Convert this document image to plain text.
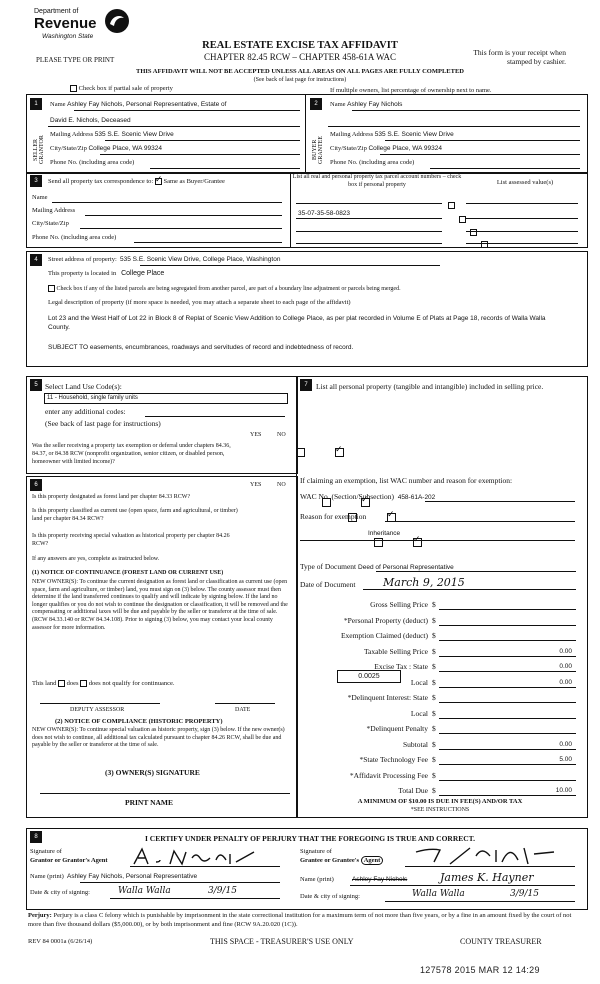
Department of
Revenue
Washington State
REAL ESTATE EXCISE TAX AFFIDAVIT
CHAPTER 82.45 RCW – CHAPTER 458-61A WAC
PLEASE TYPE OR PRINT
This form is your receipt when stamped by cashier.
THIS AFFIDAVIT WILL NOT BE ACCEPTED UNLESS ALL AREAS ON ALL PAGES ARE FULLY COMPLETED
(See back of last page for instructions)
Check box if partial sale of property	If multiple owners, list percentage of ownership next to name.
1	2
SELLER GRANTOR	BUYER GRANTEE
Name Ashley Fay Nichols, Personal Representative, Estate of
David E. Nichols, Deceased
Mailing Address 535 S.E. Scenic View Drive
City/State/Zip College Place, WA 99324
Phone No. (including area code)
Name Ashley Fay Nichols
Mailing Address 535 S.E. Scenic View Drive
City/State/Zip College Place, WA 99324
Phone No. (including area code)
3	Send all property tax correspondence to: ✓ Same as Buyer/Grantee
Name
Mailing Address
City/State/Zip
Phone No. (including area code)
List all real and personal property tax parcel account numbers – check box if personal property	List assessed value(s)
35-07-35-58-0823

4	Street address of property: 535 S.E. Scenic View Drive, College Place, Washington
This property is located in College Place
Check box if any of the listed parcels are being segregated from another parcel, are part of a boundary line adjustment or parcels being merged.
Legal description of property (if more space is needed, you may attach a separate sheet to each page of the affidavit)
Lot 23 and the West Half of Lot 22 in Block 8 of Replat of Scenic View Addition to College Place, as per plat recorded in Volume E of Plats at Page 18, records of Walla Walla County.
SUBJECT TO easements, encumbrances, roadways and servitudes of record and indebtedness of record.
5 Select Land Use Code(s):
11 - Household, single family units
enter any additional codes:
(See back of last page for instructions)
YES	NO
Was the seller receiving a property tax exemption or deferral under chapters 84.36, 84.37, or 84.38 RCW (nonprofit organization, senior citizen, or disabled person, homeowner with limited income)?
✓
6	YES	NO
Is this property designated as forest land per chapter 84.33 RCW?
✓
Is this property classified as current use (open space, farm and agricultural, or timber) land per chapter 84.34 RCW?
✓
Is this property receiving special valuation as historical property per chapter 84.26 RCW?
✓
If any answers are yes, complete as instructed below.
(1) NOTICE OF CONTINUANCE (FOREST LAND OR CURRENT USE)
NEW OWNER(S): To continue the current designation as forest land or classification as current use (open space, farm and agriculture, or timber) land, you must sign on (3) below. The county assessor must then determine if the land transferred continues to qualify and will indicate by signing below. If the land no longer qualifies or you do not wish to continue the designation or classification, it will be removed and the compensating or additional taxes will be due and payable by the seller or transferor at the time of sale. (RCW 84.33.140 or RCW 84.34.108). Prior to signing (3) below, you may contact your local county assessor for more information.
This land does does not qualify for continuance.
DEPUTY ASSESSOR	DATE
(2) NOTICE OF COMPLIANCE (HISTORIC PROPERTY)
NEW OWNER(S): To continue special valuation as historic property, sign (3) below. If the new owner(s) does not wish to continue, all additional tax calculated pursuant to chapter 84.26 RCW, shall be due and payable by the seller or transferor at the time of sale.
(3) OWNER(S) SIGNATURE
PRINT NAME
7	List all personal property (tangible and intangible) included in selling price.
If claiming an exemption, list WAC number and reason for exemption:
WAC No. (Section/Subsection) 458-61A-202
Reason for exemption
Inheritance
Type of Document Deed of Personal Representative
Date of Document	March 9, 2015
0.0025
Gross Selling Price $
*Personal Property (deduct) $
Exemption Claimed (deduct) $
Taxable Selling Price $	0.00
Excise Tax : State $	0.00
Local $	0.00
*Delinquent Interest: State $
Local $
*Delinquent Penalty $
Subtotal $	0.00
*State Technology Fee $	5.00
*Affidavit Processing Fee $
Total Due $	10.00
A MINIMUM OF $10.00 IS DUE IN FEE(S) AND/OR TAX
*SEE INSTRUCTIONS
8	I CERTIFY UNDER PENALTY OF PERJURY THAT THE FOREGOING IS TRUE AND CORRECT.
Signature of
Grantor or Grantor's Agent
Name (print) Ashley Fay Nichols, Personal Representative
Date & city of signing:	Walla Walla	3/9/15
Signature of
Grantee or Grantee's Agent
Name (print)	Ashley Fay Nichols	James K. Hayner
Date & city of signing:	Walla Walla	3/9/15
Perjury: Perjury is a class C felony which is punishable by imprisonment in the state correctional institution for a maximum term of not more than five years, or by a fine in an amount fixed by the court of not more than five thousand dollars ($5,000.00), or by both imprisonment and fine (RCW 9A.20.020 (1C)).
REV 84 0001a (6/26/14)	THIS SPACE - TREASURER'S USE ONLY	COUNTY TREASURER
127578 2015 MAR 12 14:29
